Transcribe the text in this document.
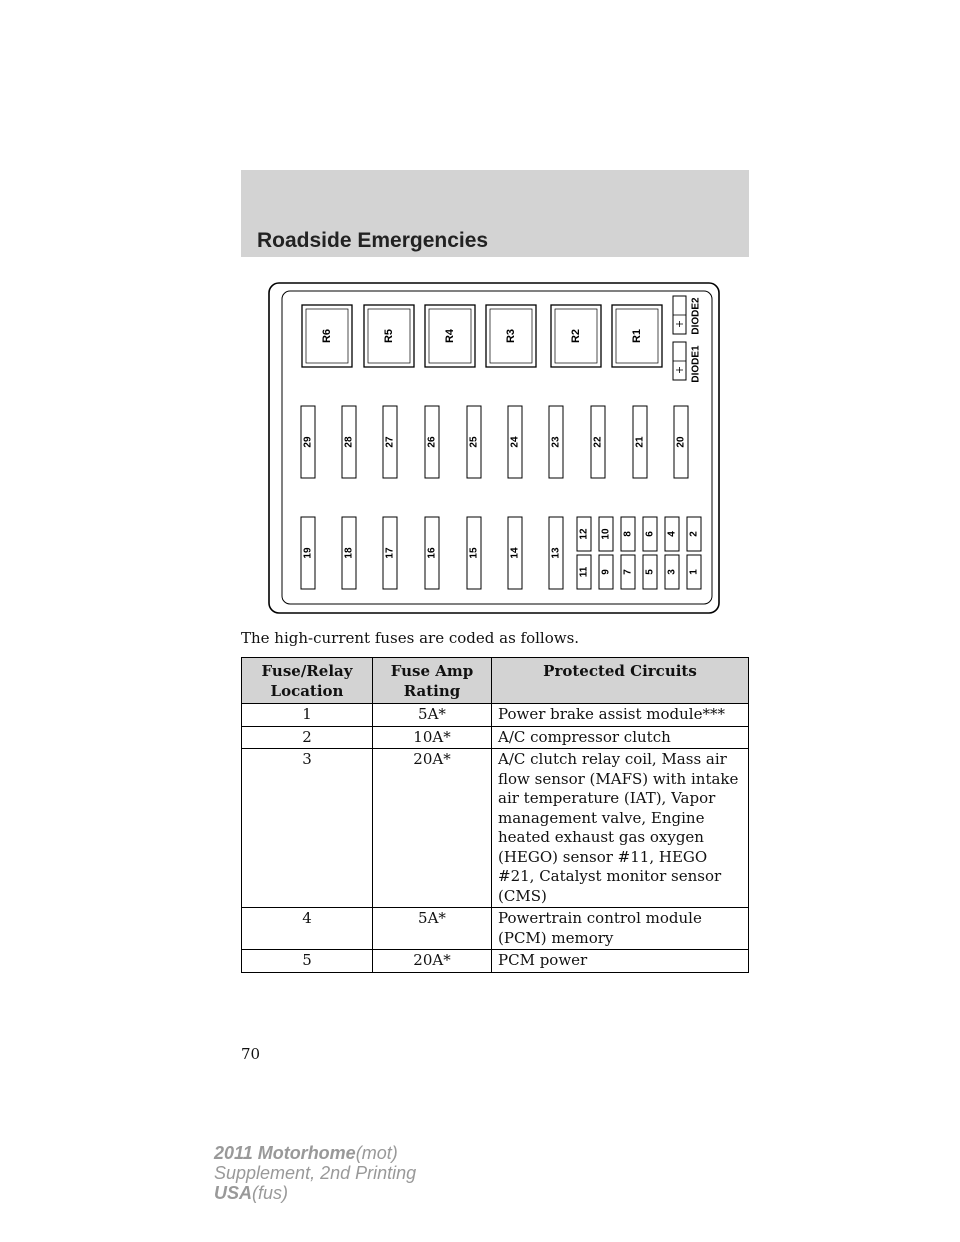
Roadside Emergencies
R6	R5	R4	R3	R2	R1
DIODE2
DIODE1
29	28	27	26	25	24	23	22	21	20
19	18	17	16	15	14	13
12 10 8 6 4 2
11 9 7 5 3 1
The high-current fuses are coded as follows.
Fuse/Relay Location	Fuse Amp Rating	Protected Circuits
1	5A*	Power brake assist module***
2	10A*	A/C compressor clutch
3	20A*	A/C clutch relay coil, Mass air flow sensor (MAFS) with intake air temperature (IAT), Vapor management valve, Engine heated exhaust gas oxygen (HEGO) sensor #11, HEGO #21, Catalyst monitor sensor (CMS)
4	5A*	Powertrain control module (PCM) memory
5	20A*	PCM power
70
2011 Motorhome(mot)
Supplement, 2nd Printing
USA(fus)
